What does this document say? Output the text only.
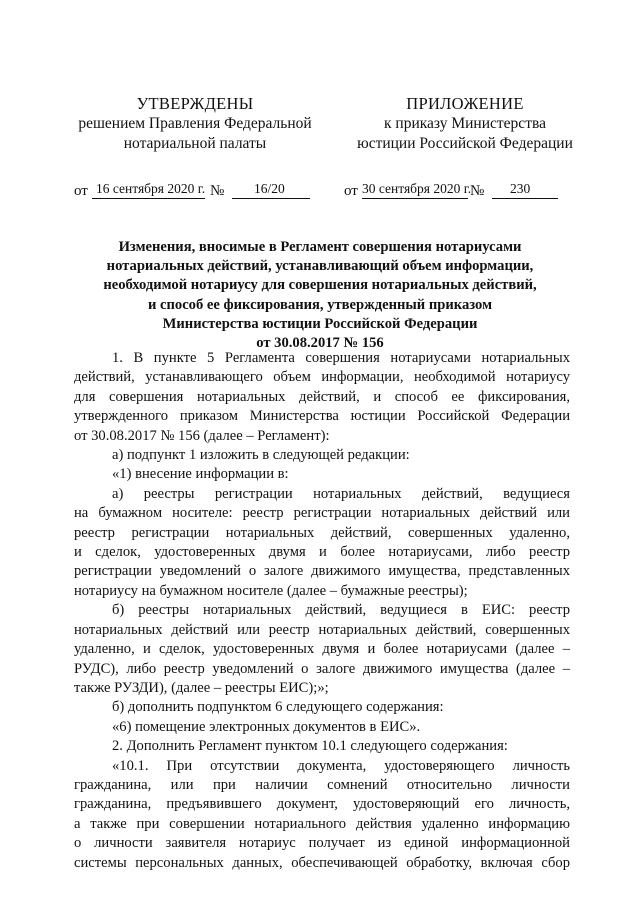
УТВЕРЖДЕНЫ
решением Правления Федеральной
нотариальной палаты
ПРИЛОЖЕНИЕ
к приказу Министерства
юстиции Российской Федерации
от 16 сентября 2020 г. № 16/20	от 30 сентября 2020 г.
№ 230
Изменения, вносимые в Регламент совершения нотариусами
нотариальных действий, устанавливающий объем информации,
необходимой нотариусу для совершения нотариальных действий,
и способ ее фиксирования, утвержденный приказом
Министерства юстиции Российской Федерации
от 30.08.2017 № 156
1. В пункте 5 Регламента совершения нотариусами нотариальных
действий, устанавливающего объем информации, необходимой нотариусу
для совершения нотариальных действий, и способ ее фиксирования,
утвержденного приказом Министерства юстиции Российской Федерации
от 30.08.2017 № 156 (далее – Регламент):
а) подпункт 1 изложить в следующей редакции:
«1) внесение информации в:
а) реестры регистрации нотариальных действий, ведущиеся
на бумажном носителе: реестр регистрации нотариальных действий или
реестр регистрации нотариальных действий, совершенных удаленно,
и сделок, удостоверенных двумя и более нотариусами, либо реестр
регистрации уведомлений о залоге движимого имущества, представленных
нотариусу на бумажном носителе (далее – бумажные реестры);
б) реестры нотариальных действий, ведущиеся в ЕИС: реестр
нотариальных действий или реестр нотариальных действий, совершенных
удаленно, и сделок, удостоверенных двумя и более нотариусами (далее –
РУДС), либо реестр уведомлений о залоге движимого имущества (далее –
также РУЗДИ), (далее – реестры ЕИС);»;
б) дополнить подпунктом 6 следующего содержания:
«6) помещение электронных документов в ЕИС».
2. Дополнить Регламент пунктом 10.1 следующего содержания:
«10.1. При отсутствии документа, удостоверяющего личность
гражданина, или при наличии сомнений относительно личности
гражданина, предъявившего документ, удостоверяющий его личность,
а также при совершении нотариального действия удаленно информацию
о личности заявителя нотариус получает из единой информационной
системы персональных данных, обеспечивающей обработку, включая сбор
